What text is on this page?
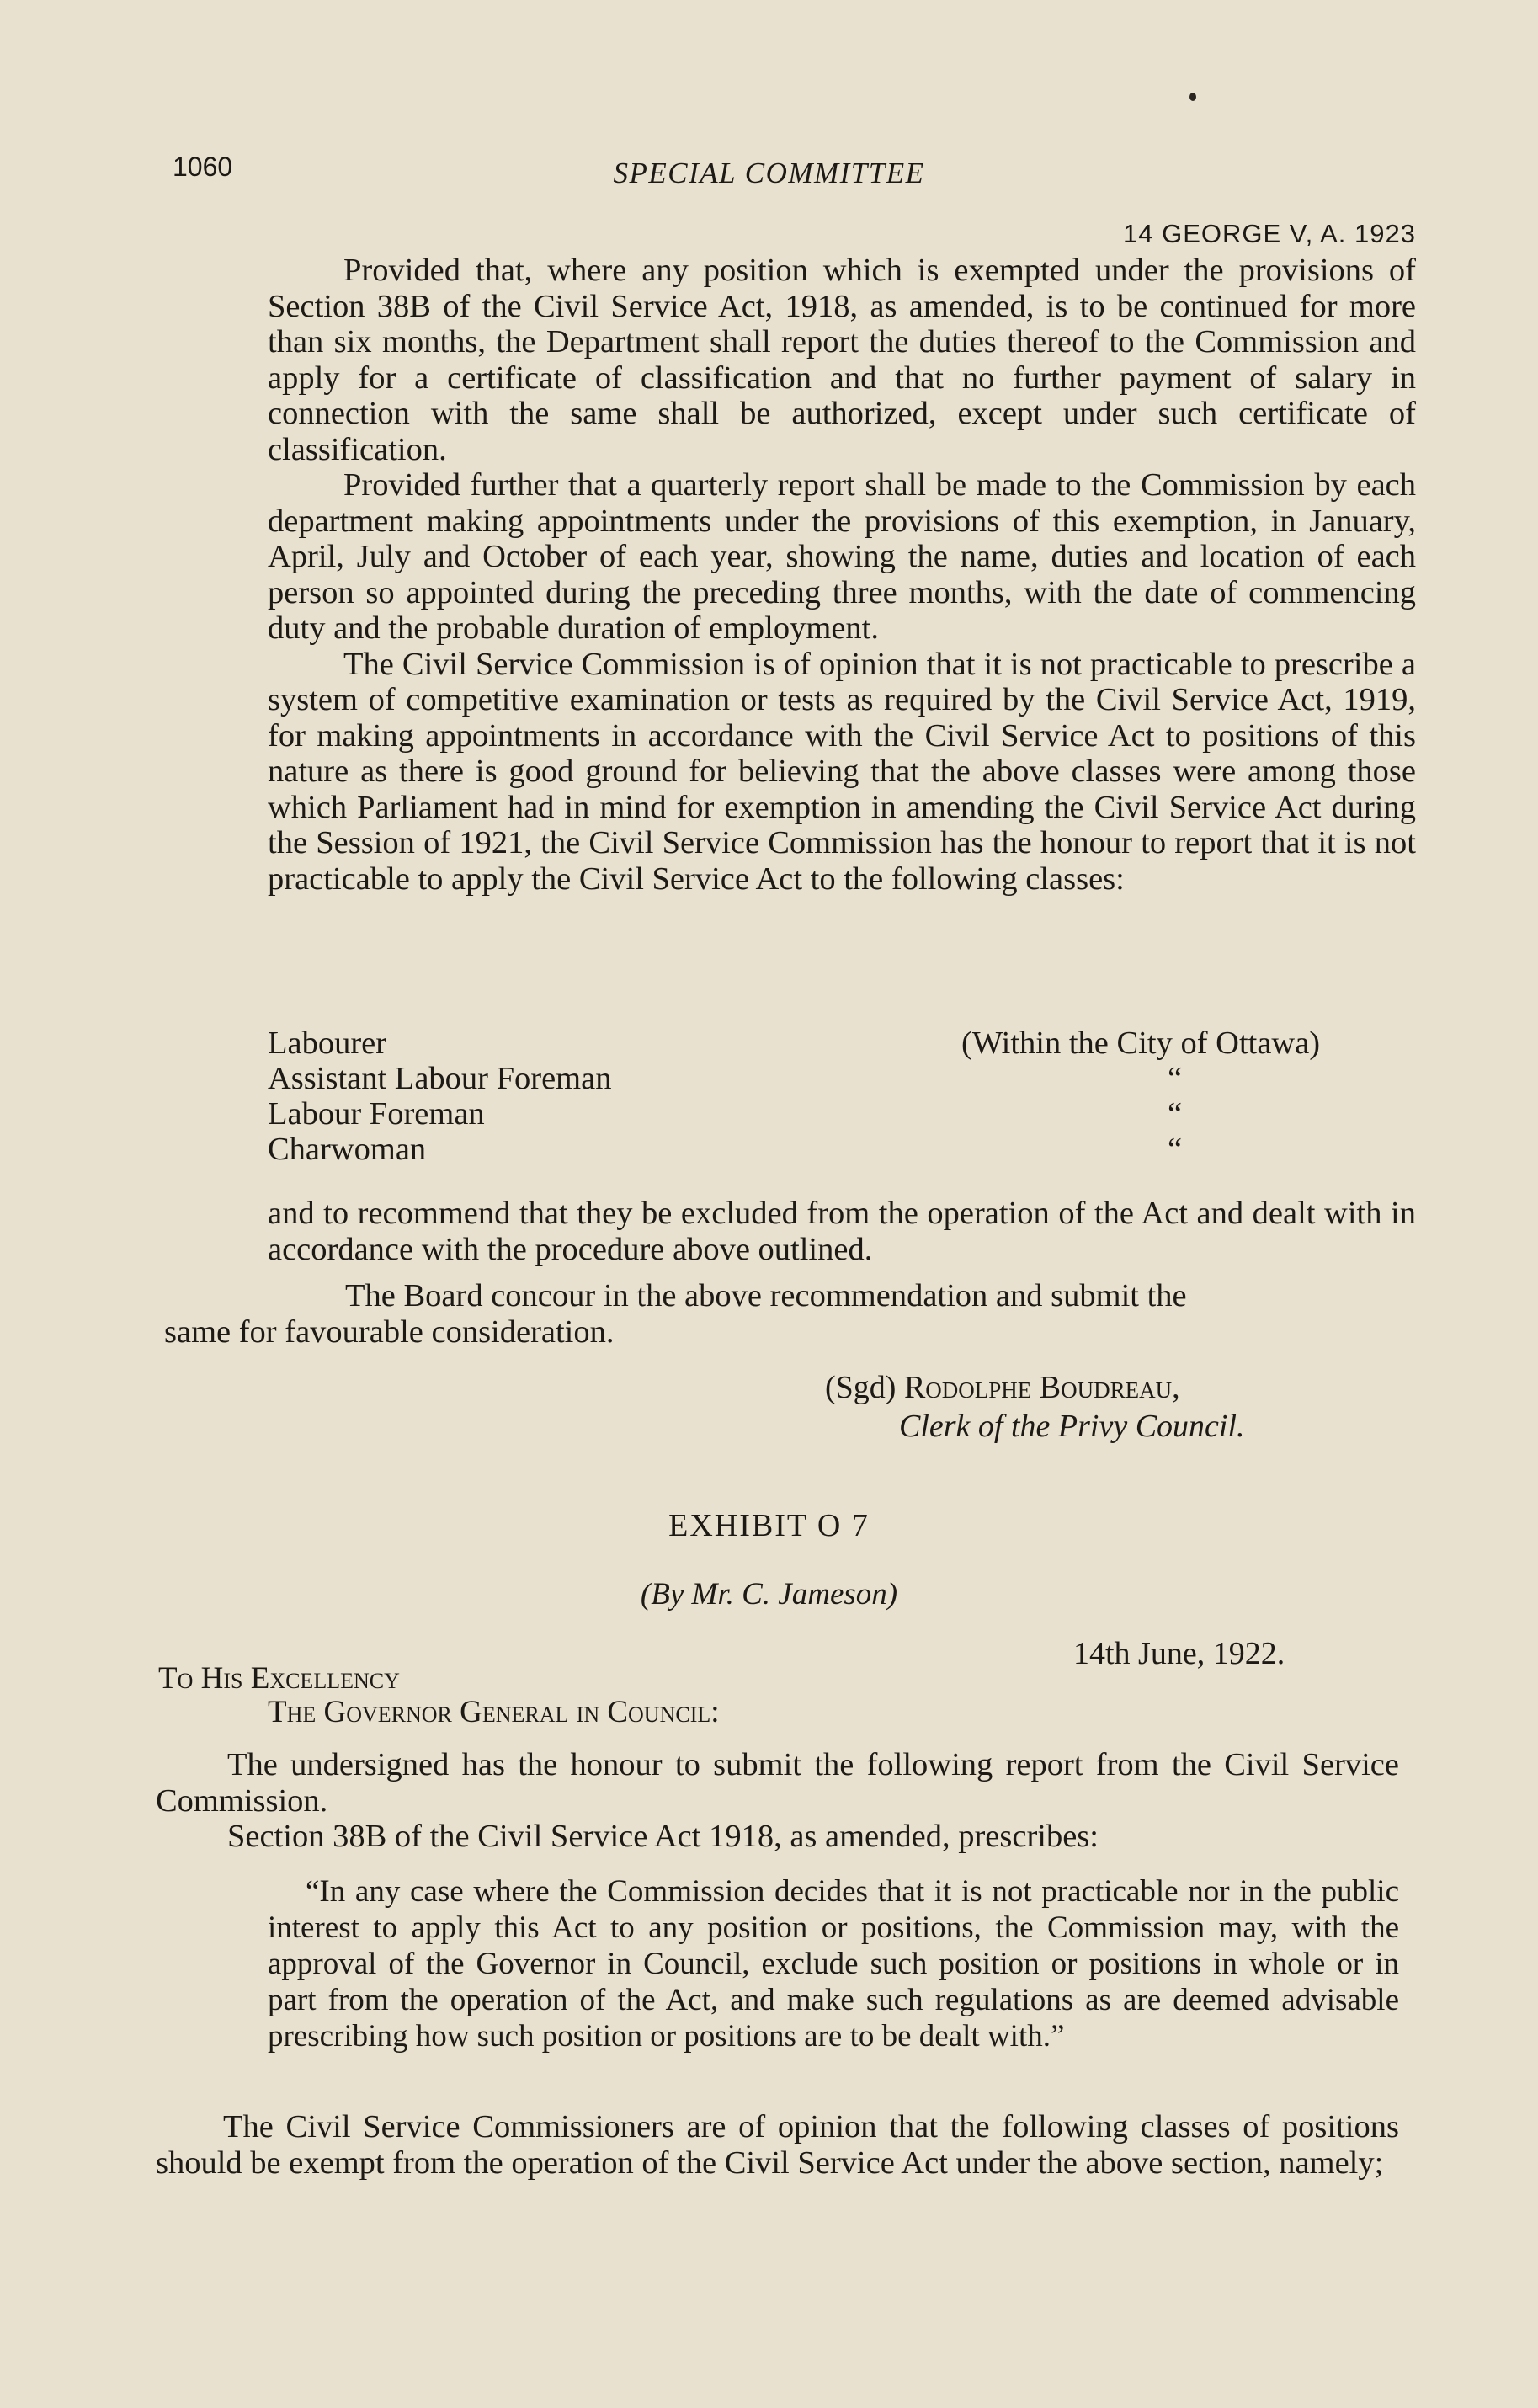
1060	SPECIAL COMMITTEE
14 GEORGE V, A. 1923

Provided that, where any position which is exempted under the provisions of Section 38B of the Civil Service Act, 1918, as amended, is to be continued for more than six months, the Department shall report the duties thereof to the Commission and apply for a certificate of classification and that no further payment of salary in connection with the same shall be authorized, except under such certificate of classification.

Provided further that a quarterly report shall be made to the Commission by each department making appointments under the provisions of this exemption, in January, April, July and October of each year, showing the name, duties and location of each person so appointed during the preceding three months, with the date of commencing duty and the probable duration of employment.

The Civil Service Commission is of opinion that it is not practicable to prescribe a system of competitive examination or tests as required by the Civil Service Act, 1919, for making appointments in accordance with the Civil Service Act to positions of this nature as there is good ground for believing that the above classes were among those which Parliament had in mind for exemption in amending the Civil Service Act during the Session of 1921, the Civil Service Commission has the honour to report that it is not practicable to apply the Civil Service Act to the following classes:

Labourer	(Within the City of Ottawa)
Assistant Labour Foreman	“
Labour Foreman	“
Charwoman	“

and to recommend that they be excluded from the operation of the Act and dealt with in accordance with the procedure above outlined.

The Board concour in the above recommendation and submit the

same for favourable consideration.

(Sgd) Rodolphe Boudreau,
Clerk of the Privy Council.
EXHIBIT O 7
(By Mr. C. Jameson)
14th June, 1922.
To His Excellency
The Governor General in Council:

The undersigned has the honour to submit the following report from the Civil Service Commission.

Section 38B of the Civil Service Act 1918, as amended, prescribes:

“In any case where the Commission decides that it is not practicable nor in the public interest to apply this Act to any position or positions, the Commission may, with the approval of the Governor in Council, exclude such position or positions in whole or in part from the operation of the Act, and make such regulations as are deemed advisable prescribing how such position or positions are to be dealt with.”

The Civil Service Commissioners are of opinion that the following classes of positions should be exempt from the operation of the Civil Service Act under the above section, namely;
